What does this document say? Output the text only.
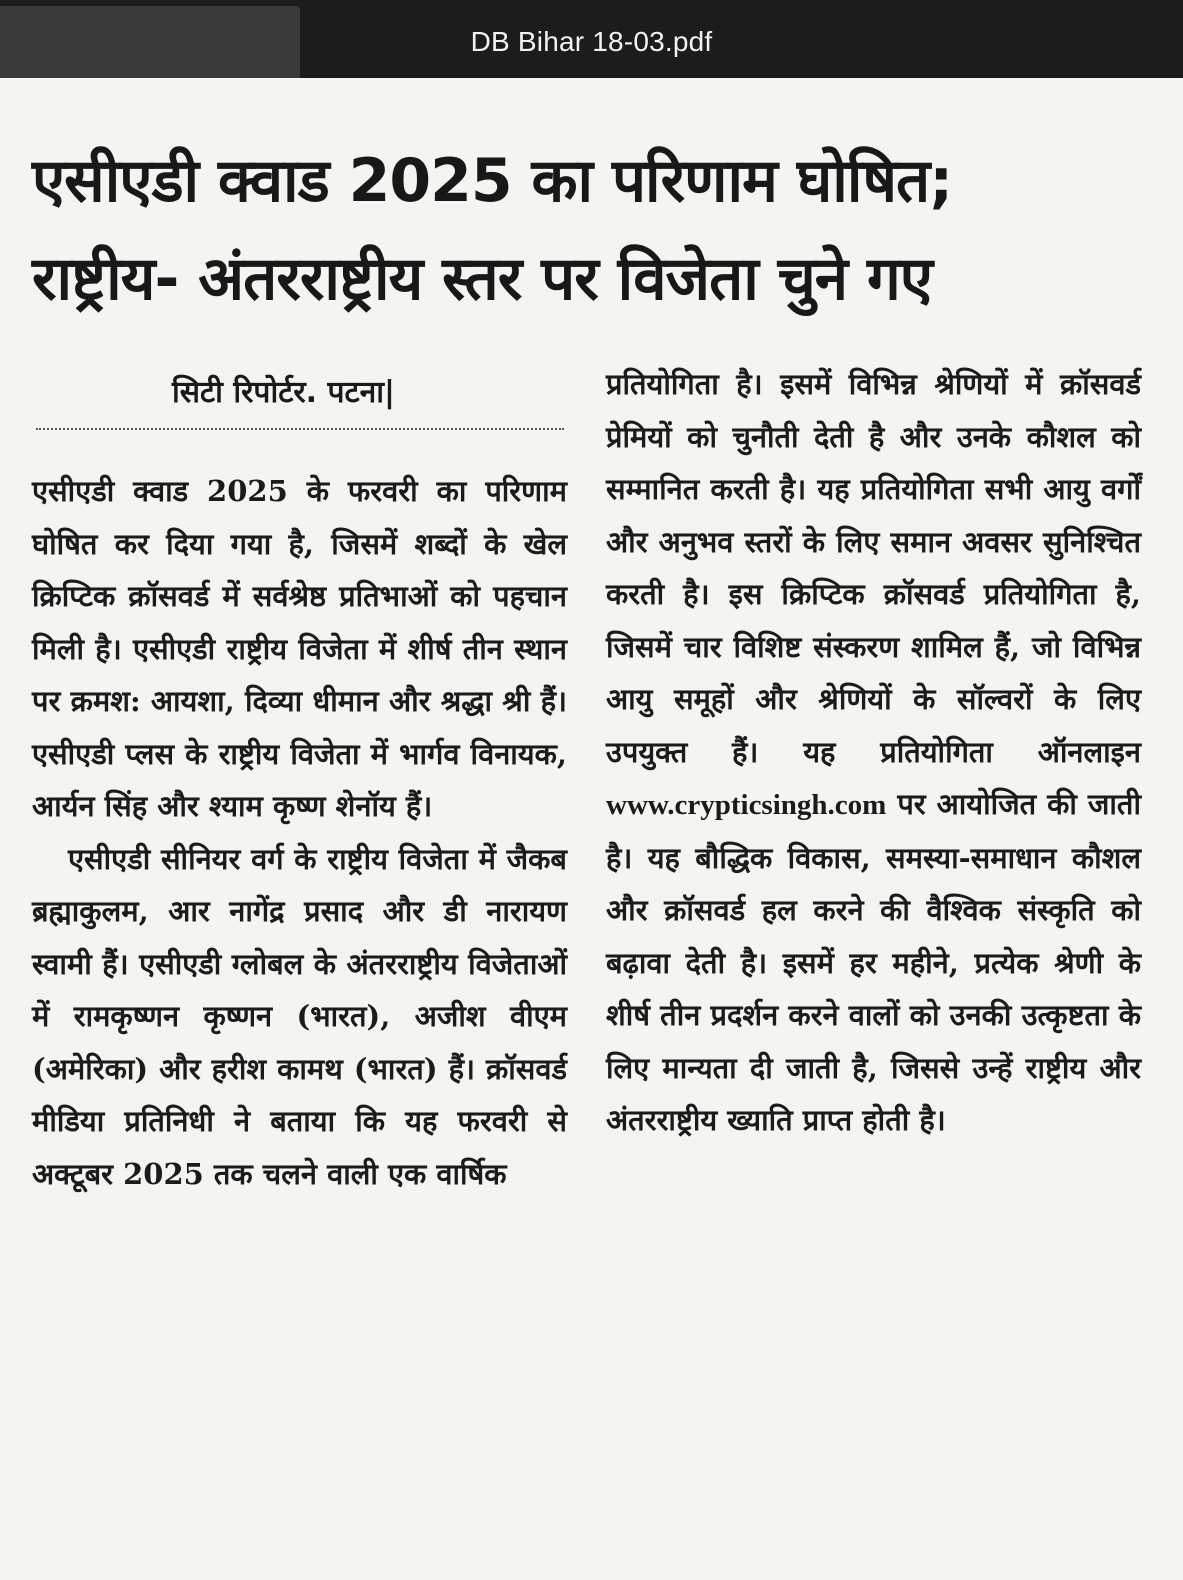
DB Bihar 18-03.pdf
एसीएडी क्वाड 2025 का परिणाम घोषित;
राष्ट्रीय- अंतरराष्ट्रीय स्तर पर विजेता चुने गए
सिटी रिपोर्टर. पटना|

एसीएडी क्वाड 2025 के फरवरी का परिणाम घोषित कर दिया गया है, जिसमें शब्दों के खेल क्रिप्टिक क्रॉसवर्ड में सर्वश्रेष्ठ प्रतिभाओं को पहचान मिली है। एसीएडी राष्ट्रीय विजेता में शीर्ष तीन स्थान पर क्रमश: आयशा, दिव्या धीमान और श्रद्धा श्री हैं। एसीएडी प्लस के राष्ट्रीय विजेता में भार्गव विनायक, आर्यन सिंह और श्याम कृष्ण शेनॉय हैं।

एसीएडी सीनियर वर्ग के राष्ट्रीय विजेता में जैकब ब्रह्माकुलम, आर नागेंद्र प्रसाद और डी नारायण स्वामी हैं। एसीएडी ग्लोबल के अंतरराष्ट्रीय विजेताओं में रामकृष्णन कृष्णन (भारत), अजीश वीएम (अमेरिका) और हरीश कामथ (भारत) हैं। क्रॉसवर्ड मीडिया प्रतिनिधी ने बताया कि यह फरवरी से अक्टूबर 2025 तक चलने वाली एक वार्षिक

प्रतियोगिता है। इसमें विभिन्न श्रेणियों में क्रॉसवर्ड प्रेमियों को चुनौती देती है और उनके कौशल को सम्मानित करती है। यह प्रतियोगिता सभी आयु वर्गों और अनुभव स्तरों के लिए समान अवसर सुनिश्चित करती है। इस क्रिप्टिक क्रॉसवर्ड प्रतियोगिता है, जिसमें चार विशिष्ट संस्करण शामिल हैं, जो विभिन्न आयु समूहों और श्रेणियों के सॉल्वरों के लिए उपयुक्त हैं। यह प्रतियोगिता ऑनलाइन www.crypticsingh.com पर आयोजित की जाती है। यह बौद्धिक विकास, समस्या-समाधान कौशल और क्रॉसवर्ड हल करने की वैश्विक संस्कृति को बढ़ावा देती है। इसमें हर महीने, प्रत्येक श्रेणी के शीर्ष तीन प्रदर्शन करने वालों को उनकी उत्कृष्टता के लिए मान्यता दी जाती है, जिससे उन्हें राष्ट्रीय और अंतरराष्ट्रीय ख्याति प्राप्त होती है।
